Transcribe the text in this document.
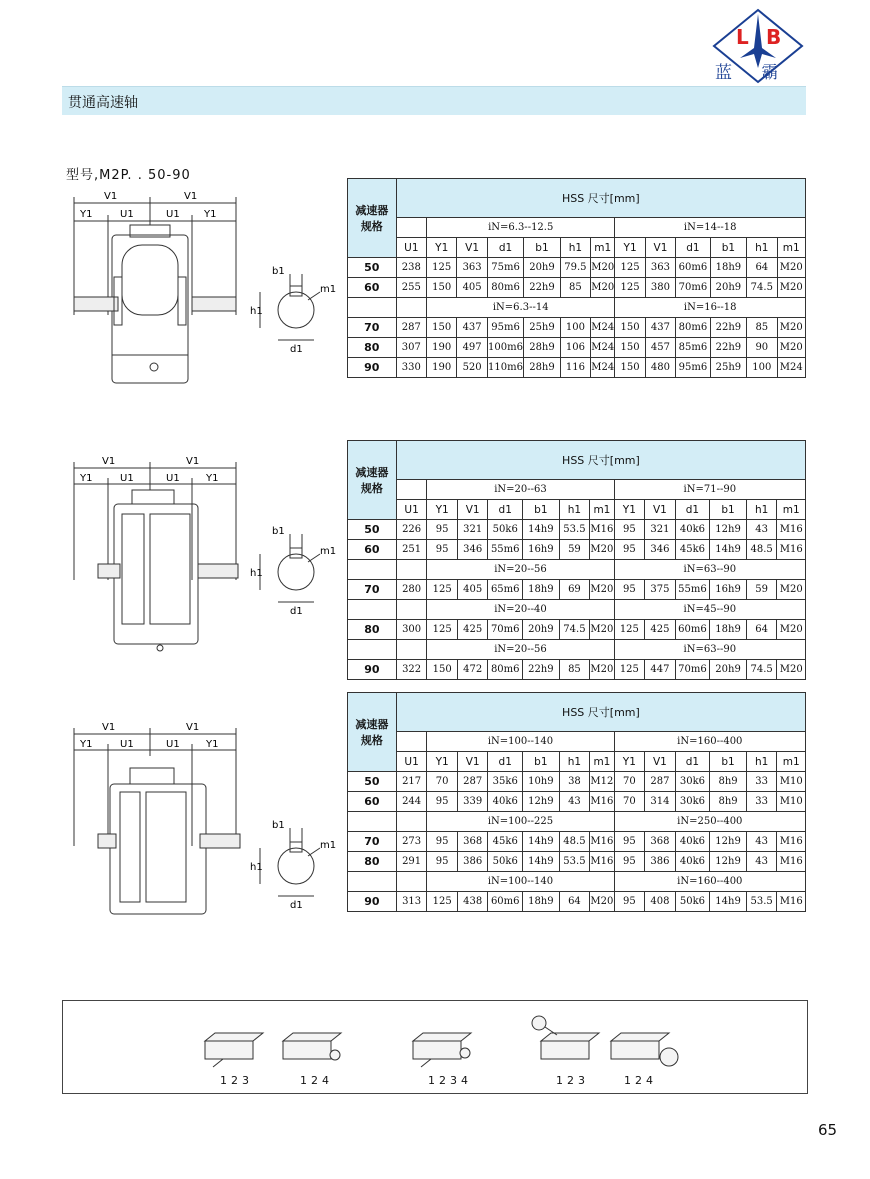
L B
蓝 霸
贯通高速轴
型号,M2P. . 50-90
V1	V1
Y1	U1	U1 Y1
b1
m1
h1
d1
V1	V1
Y1	U1	U1	Y1
b1
m1
h1
d1
V1	V1
Y1	U1	U1	Y1
b1
m1
h1
d1
减速器
规格	HSS 尺寸[mm]												
		iN=6.3--12.5						iN=14--18					
	U1	Y1	V1	d1	b1	h1	m1	Y1	V1	d1	b1	h1	m1
50	238	125	363	75m6	20h9	79.5	M20	125	363	60m6	18h9	64	M20
60	255	150	405	80m6	22h9	85	M20	125	380	70m6	20h9	74.5	M20
		iN=6.3--14						iN=16--18					
70	287	150	437	95m6	25h9	100	M24	150	437	80m6	22h9	85	M20
80	307	190	497	100m6	28h9	106	M24	150	457	85m6	22h9	90	M20
90	330	190	520	110m6	28h9	116	M24	150	480	95m6	25h9	100	M24
减速器
规格	HSS 尺寸[mm]												
		iN=20--63						iN=71--90					
	U1	Y1	V1	d1	b1	h1	m1	Y1	V1	d1	b1	h1	m1
50	226	95	321	50k6	14h9	53.5	M16	95	321	40k6	12h9	43	M16
60	251	95	346	55m6	16h9	59	M20	95	346	45k6	14h9	48.5	M16
		iN=20--56						iN=63--90					
70	280	125	405	65m6	18h9	69	M20	95	375	55m6	16h9	59	M20
		iN=20--40						iN=45--90					
80	300	125	425	70m6	20h9	74.5	M20	125	425	60m6	18h9	64	M20
		iN=20--56						iN=63--90					
90	322	150	472	80m6	22h9	85	M20	125	447	70m6	20h9	74.5	M20
减速器
规格	HSS 尺寸[mm]												
		iN=100--140						iN=160--400					
	U1	Y1	V1	d1	b1	h1	m1	Y1	V1	d1	b1	h1	m1
50	217	70	287	35k6	10h9	38	M12	70	287	30k6	8h9	33	M10
60	244	95	339	40k6	12h9	43	M16	70	314	30k6	8h9	33	M10
		iN=100--225						iN=250--400					
70	273	95	368	45k6	14h9	48.5	M16	95	368	40k6	12h9	43	M16
80	291	95	386	50k6	14h9	53.5	M16	95	386	40k6	12h9	43	M16
		iN=100--140						iN=160--400					
90	313	125	438	60m6	18h9	64	M20	95	408	50k6	14h9	53.5	M16
123	124	1234	123	124
65
